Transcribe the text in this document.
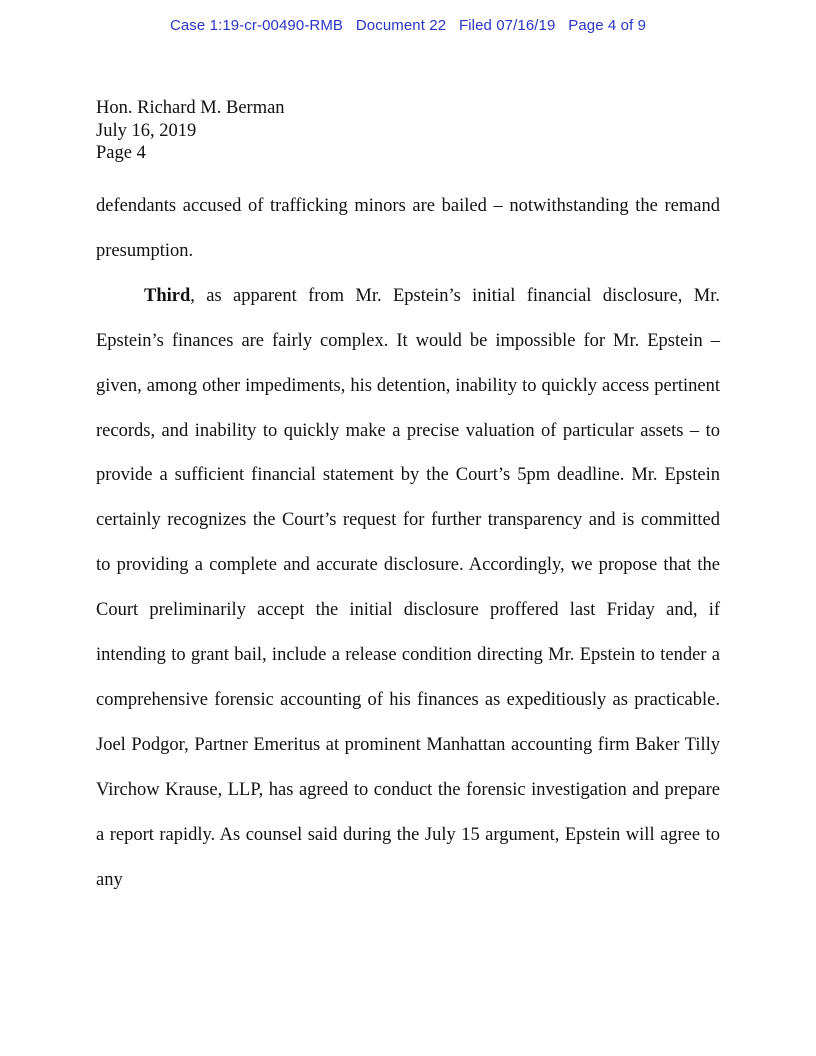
Case 1:19-cr-00490-RMB   Document 22   Filed 07/16/19   Page 4 of 9
Hon. Richard M. Berman
July 16, 2019
Page 4

defendants accused of trafficking minors are bailed – notwithstanding the remand presumption.

Third, as apparent from Mr. Epstein’s initial financial disclosure, Mr. Epstein’s finances are fairly complex. It would be impossible for Mr. Epstein – given, among other impediments, his detention, inability to quickly access pertinent records, and inability to quickly make a precise valuation of particular assets – to provide a sufficient financial statement by the Court’s 5pm deadline. Mr. Epstein certainly recognizes the Court’s request for further transparency and is committed to providing a complete and accurate disclosure. Accordingly, we propose that the Court preliminarily accept the initial disclosure proffered last Friday and, if intending to grant bail, include a release condition directing Mr. Epstein to tender a comprehensive forensic accounting of his finances as expeditiously as practicable. Joel Podgor, Partner Emeritus at prominent Manhattan accounting firm Baker Tilly Virchow Krause, LLP, has agreed to conduct the forensic investigation and prepare a report rapidly. As counsel said during the July 15 argument, Epstein will agree to any
